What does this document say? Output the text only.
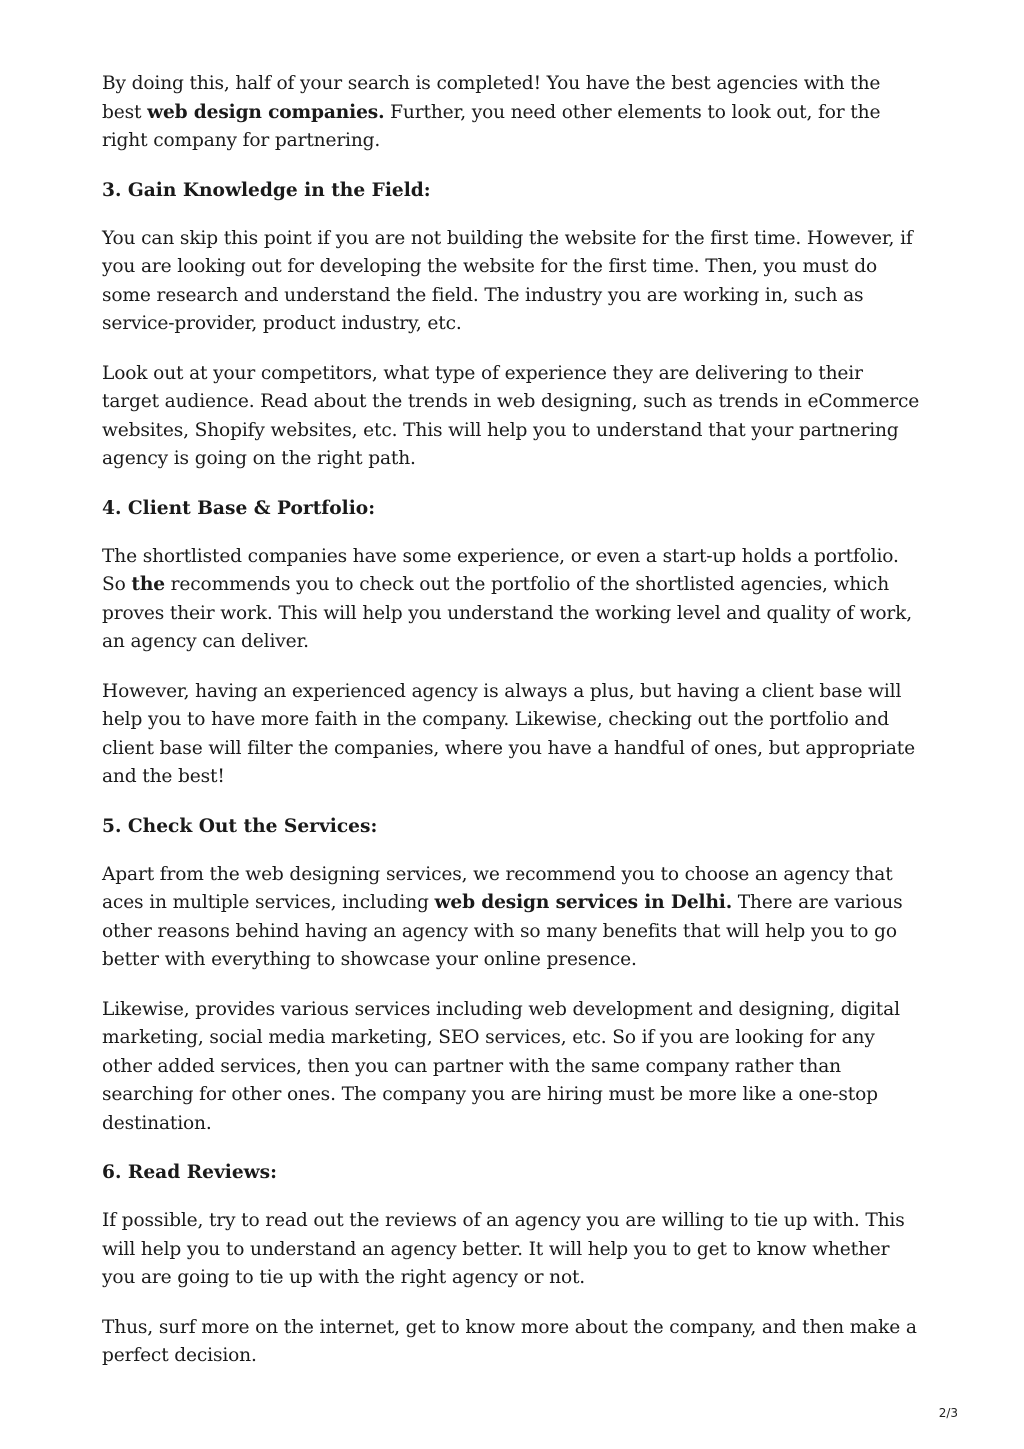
By doing this, half of your search is completed! You have the best agencies with the best web design companies. Further, you need other elements to look out, for the right company for partnering.

3. Gain Knowledge in the Field:

You can skip this point if you are not building the website for the first time. However, if you are looking out for developing the website for the first time. Then, you must do some research and understand the field. The industry you are working in, such as service-provider, product industry, etc.

Look out at your competitors, what type of experience they are delivering to their target audience. Read about the trends in web designing, such as trends in eCommerce websites, Shopify websites, etc. This will help you to understand that your partnering agency is going on the right path.

4. Client Base & Portfolio:

The shortlisted companies have some experience, or even a start-up holds a portfolio. So the recommends you to check out the portfolio of the shortlisted agencies, which proves their work. This will help you understand the working level and quality of work, an agency can deliver.

However, having an experienced agency is always a plus, but having a client base will help you to have more faith in the company. Likewise, checking out the portfolio and client base will filter the companies, where you have a handful of ones, but appropriate and the best!

5. Check Out the Services:

Apart from the web designing services, we recommend you to choose an agency that aces in multiple services, including web design services in Delhi. There are various other reasons behind having an agency with so many benefits that will help you to go better with everything to showcase your online presence.

Likewise, provides various services including web development and designing, digital marketing, social media marketing, SEO services, etc. So if you are looking for any other added services, then you can partner with the same company rather than searching for other ones. The company you are hiring must be more like a one-stop destination.

6. Read Reviews:

If possible, try to read out the reviews of an agency you are willing to tie up with. This will help you to understand an agency better. It will help you to get to know whether you are going to tie up with the right agency or not.

Thus, surf more on the internet, get to know more about the company, and then make a perfect decision.

2/3
